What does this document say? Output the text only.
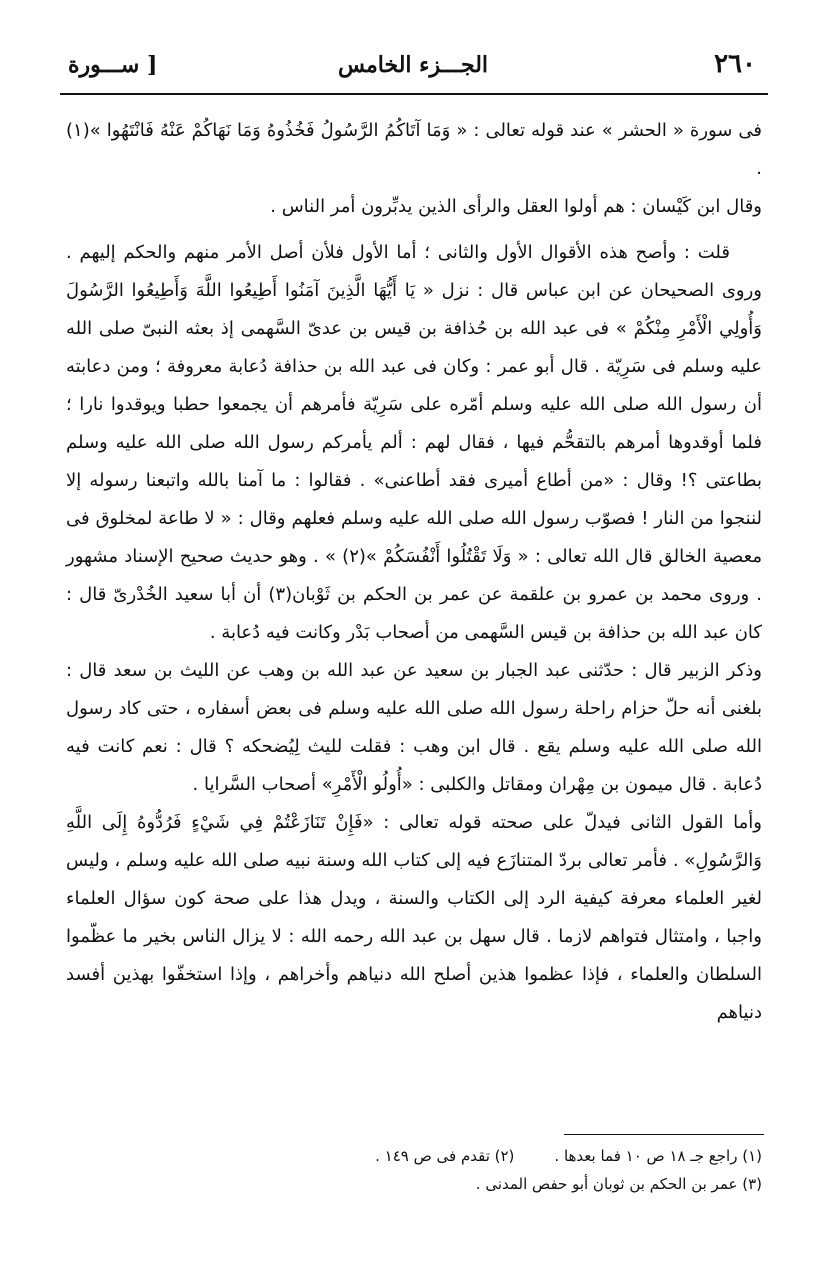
٢٦٠
الجـــزء الخامس
[ ســـورة

فى سورة « الحشر » عند قوله تعالى : « وَمَا آتَاكُمُ الرَّسُولُ فَخُذُوهُ وَمَا نَهَاكُمْ عَنْهُ فَانْتَهُوا »(١) .

وقال ابن كَيْسان : هم أولوا العقل والرأى الذين يدبِّرون أمر الناس .

قلت : وأصح هذه الأقوال الأول والثانى ؛ أما الأول فلأن أصل الأمر منهم والحكم إليهم . وروى الصحيحان عن ابن عباس قال : نزل « يَا أَيُّهَا الَّذِينَ آمَنُوا أَطِيعُوا اللَّهَ وَأَطِيعُوا الرَّسُولَ وَأُولِي الْأَمْرِ مِنْكُمْ » فى عبد الله بن حُذافة بن قيس بن عدىّ السَّهمى إذ بعثه النبىّ صلى الله عليه وسلم فى سَرِيّة . قال أبو عمر : وكان فى عبد الله بن حذافة دُعابة معروفة ؛ ومن دعابته أن رسول الله صلى الله عليه وسلم أمّره على سَرِيّة فأمرهم أن يجمعوا حطبا ويوقدوا نارا ؛ فلما أوقدوها أمرهم بالتقحُّم فيها ، فقال لهم : ألم يأمركم رسول الله صلى الله عليه وسلم بطاعتى ؟! وقال : «من أطاع أميرى فقد أطاعنى» . فقالوا : ما آمنا بالله واتبعنا رسوله إلا لننجوا من النار ! فصوّب رسول الله صلى الله عليه وسلم فعلهم وقال : « لا طاعة لمخلوق فى معصية الخالق قال الله تعالى : « وَلَا تَقْتُلُوا أَنْفُسَكُمْ »(٢) » . وهو حديث صحيح الإسناد مشهور . وروى محمد بن عمرو بن علقمة عن عمر بن الحكم بن ثَوْبان(٣) أن أبا سعيد الخُدْرىّ قال : كان عبد الله بن حذافة بن قيس السَّهمى من أصحاب بَدْر وكانت فيه دُعابة .

وذكر الزبير قال : حدّثنى عبد الجبار بن سعيد عن عبد الله بن وهب عن الليث بن سعد قال : بلغنى أنه حلّ حزام راحلة رسول الله صلى الله عليه وسلم فى بعض أسفاره ، حتى كاد رسول الله صلى الله عليه وسلم يقع . قال ابن وهب : فقلت لليث لِيُضحكه ؟ قال : نعم كانت فيه دُعابة . قال ميمون بن مِهْران ومقاتل والكلبى : «أُولُو الْأَمْرِ» أصحاب السَّرايا .

وأما القول الثانى فيدلّ على صحته قوله تعالى : «فَإِنْ تَنَازَعْتُمْ فِي شَيْءٍ فَرُدُّوهُ إِلَى اللَّهِ وَالرَّسُولِ» . فأمر تعالى بردّ المتنازَع فيه إلى كتاب الله وسنة نبيه صلى الله عليه وسلم ، وليس لغير العلماء معرفة كيفية الرد إلى الكتاب والسنة ، ويدل هذا على صحة كون سؤال العلماء واجبا ، وامتثال فتواهم لازما . قال سهل بن عبد الله رحمه الله : لا يزال الناس بخير ما عظّموا السلطان والعلماء ، فإذا عظموا هذين أصلح الله دنياهم وأخراهم ، وإذا استخفّوا بهذين أفسد دنياهم

(١) راجع جـ ١٨ ص ١٠ فما بعدها .
(٢) تقدم فى ص ١٤٩ .
(٣) عمر بن الحكم بن ثوبان أبو حفص المدنى .
